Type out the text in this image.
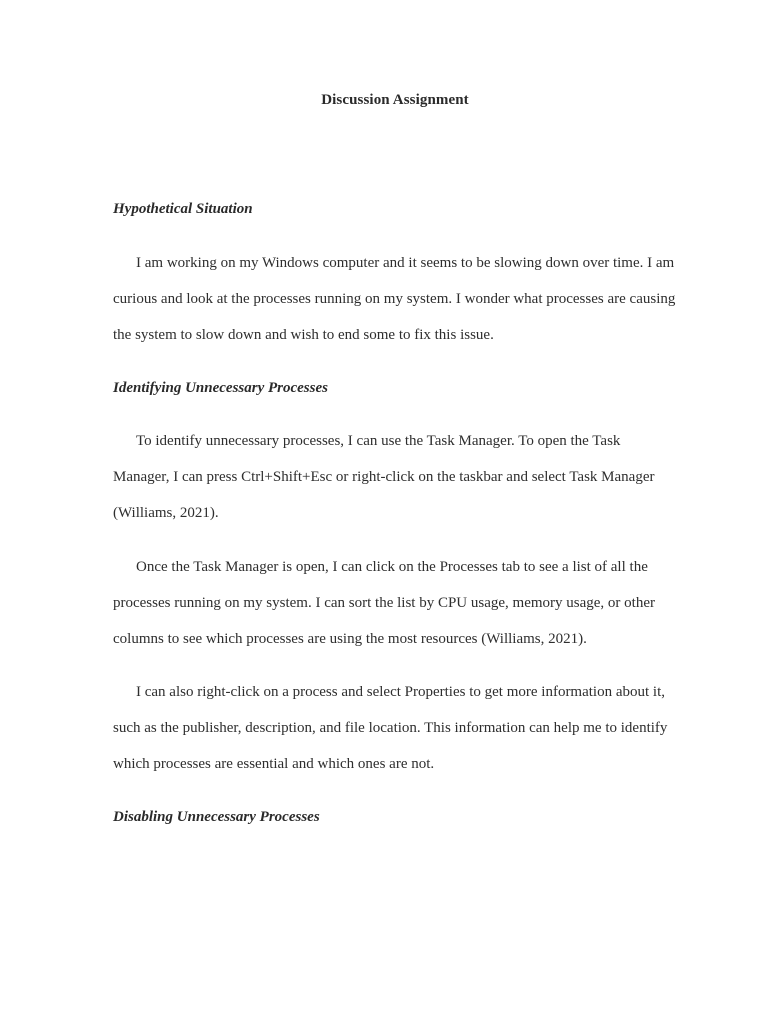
Discussion Assignment
Hypothetical Situation
I am working on my Windows computer and it seems to be slowing down over time. I am
curious and look at the processes running on my system. I wonder what processes are causing
the system to slow down and wish to end some to fix this issue.
Identifying Unnecessary Processes
To identify unnecessary processes, I can use the Task Manager. To open the Task
Manager, I can press Ctrl+Shift+Esc or right-click on the taskbar and select Task Manager
(Williams, 2021).
Once the Task Manager is open, I can click on the Processes tab to see a list of all the
processes running on my system. I can sort the list by CPU usage, memory usage, or other
columns to see which processes are using the most resources (Williams, 2021).
I can also right-click on a process and select Properties to get more information about it,
such as the publisher, description, and file location. This information can help me to identify
which processes are essential and which ones are not.
Disabling Unnecessary Processes
